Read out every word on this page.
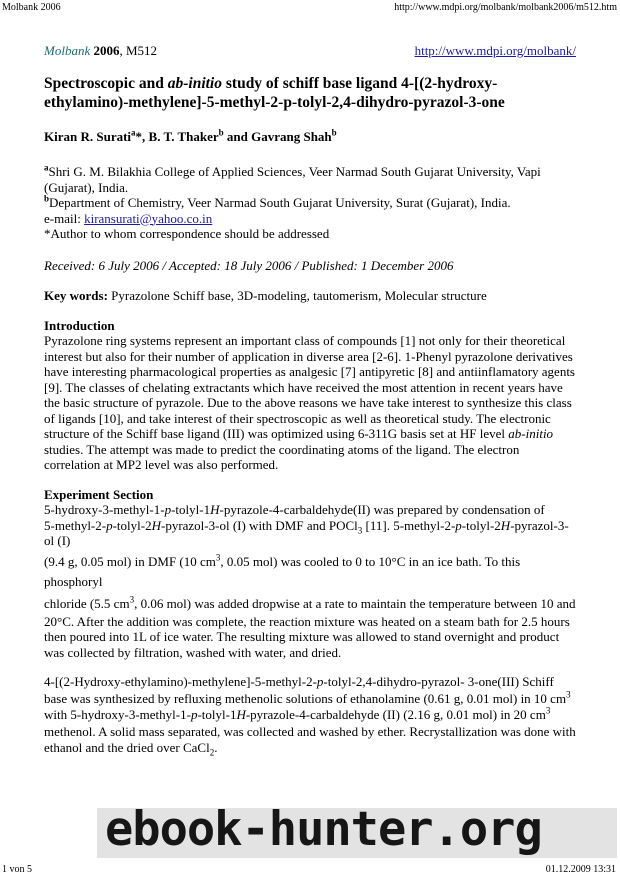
Molbank 2006	http://www.mdpi.org/molbank/molbank2006/m512.htm
Molbank 2006, M512	http://www.mdpi.org/molbank/
Spectroscopic and ab-initio study of schiff base ligand 4-[(2-hydroxy-ethylamino)-methylene]-5-methyl-2-p-tolyl-2,4-dihydro-pyrazol-3-one
Kiran R. Surati$^a$*, B. T. Thaker$^b$ and Gavrang Shah$^b$

$^a$Shri G. M. Bilakhia College of Applied Sciences, Veer Narmad South Gujarat University, Vapi (Gujarat), India.

$^b$Department of Chemistry, Veer Narmad South Gujarat University, Surat (Gujarat), India.

e-mail: kiransurati@yahoo.co.in

*Author to whom correspondence should be addressed

Received: 6 July 2006 / Accepted: 18 July 2006 / Published: 1 December 2006
Key words: Pyrazolone Schiff base, 3D-modeling, tautomerism, Molecular structure
Introduction

Pyrazolone ring systems represent an important class of compounds [1] not only for their theoretical interest but also for their number of application in diverse area [2-6]. 1-Phenyl pyrazolone derivatives have interesting pharmacological properties as analgesic [7] antipyretic [8] and antiinflamatory agents [9]. The classes of chelating extractants which have received the most attention in recent years have the basic structure of pyrazole. Due to the above reasons we have take interest to synthesize this class of ligands [10], and take interest of their spectroscopic as well as theoretical study. The electronic structure of the Schiff base ligand (III) was optimized using 6-311G basis set at HF level ab-initio studies. The attempt was made to predict the coordinating atoms of the ligand. The electron correlation at MP2 level was also performed.

Experiment Section
5-hydroxy-3-methyl-1-p-tolyl-1H-pyrazole-4-carbaldehyde(II) was prepared by condensation of
5-methyl-2-p-tolyl-2H-pyrazol-3-ol (I) with DMF and POCl$_3$ [11]. 5-methyl-2-p-tolyl-2H-pyrazol-3-ol (I)
(9.4 g, 0.05 mol) in DMF (10 $cm^3$, 0.05 mol) was cooled to 0 to 10°C in an ice bath. To this phosphoryl
chloride (5.5 $cm^3$, 0.06 mol) was added dropwise at a rate to maintain the temperature between 10 and
20°C. After the addition was complete, the reaction mixture was heated on a steam bath for 2.5 hours then poured into 1L of ice water. The resulting mixture was allowed to stand overnight and product was collected by filtration, washed with water, and dried.

4-[(2-Hydroxy-ethylamino)-methylene]-5-methyl-2-p-tolyl-2,4-dihydro-pyrazol- 3-one(III) Schiff base was synthesized by refluxing methenolic solutions of ethanolamine (0.61 g, 0.01 mol) in 10 $cm^3$ with 5-hydroxy-3-methyl-1-p-tolyl-1H-pyrazole-4-carbaldehyde (II) (2.16 g, 0.01 mol) in 20 $cm^3$ methenol. A solid mass separated, was collected and washed by ether. Recrystallization was done with ethanol and the dried over CaCl$_2$.

ebook-hunter.org
1 von 5	01.12.2009 13:31
